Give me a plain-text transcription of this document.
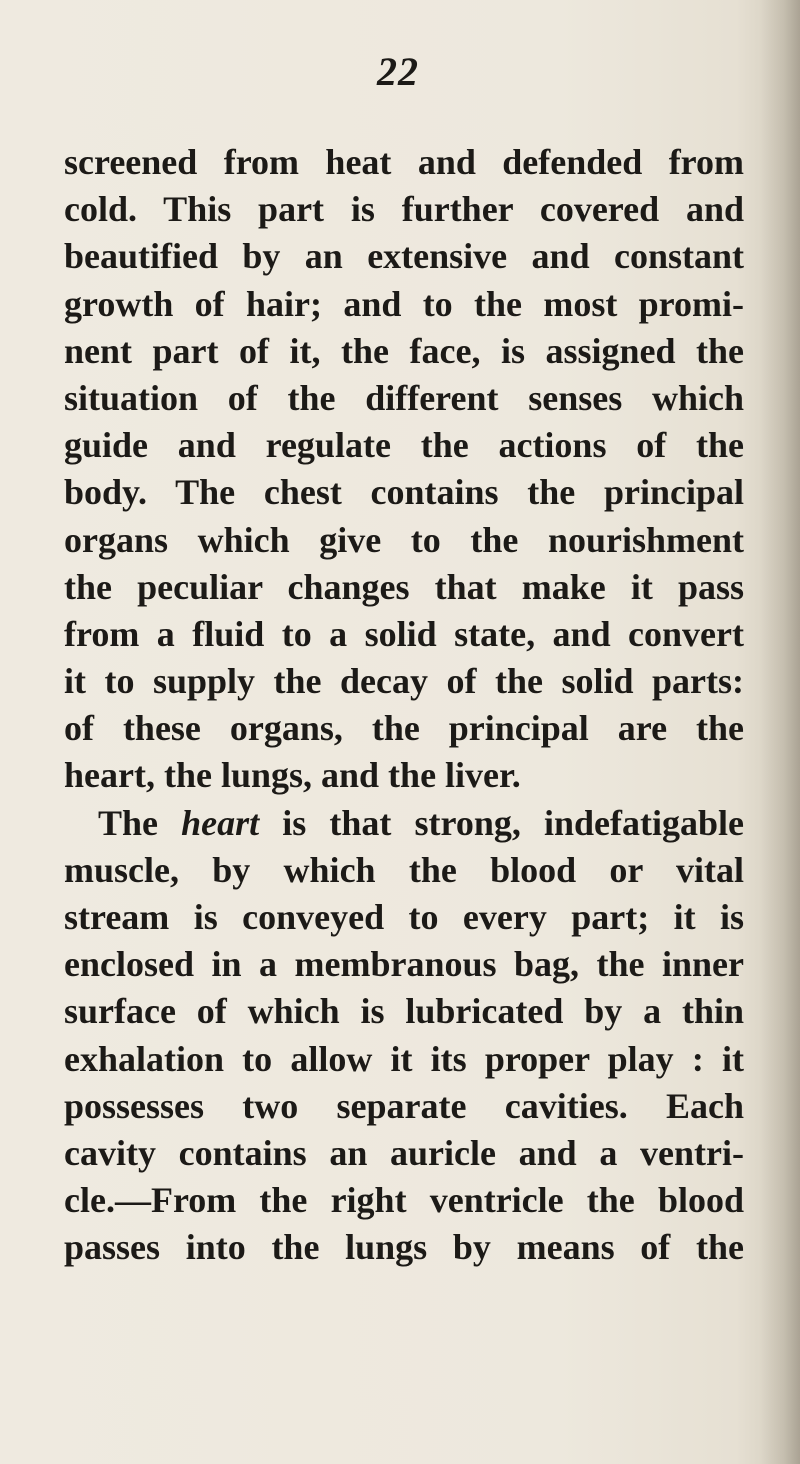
22
screened from heat and defended from
cold. This part is further covered and
beautified by an extensive and constant
growth of hair; and to the most promi-
nent part of it, the face, is assigned the
situation of the different senses which
guide and regulate the actions of the
body. The chest contains the principal
organs which give to the nourishment
the peculiar changes that make it pass
from a fluid to a solid state, and convert
it to supply the decay of the solid parts:
of these organs, the principal are the
heart, the lungs, and the liver.
The heart is that strong, indefatigable
muscle, by which the blood or vital
stream is conveyed to every part; it is
enclosed in a membranous bag, the inner
surface of which is lubricated by a thin
exhalation to allow it its proper play : it
possesses two separate cavities. Each
cavity contains an auricle and a ventri-
cle.—From the right ventricle the blood
passes into the lungs by means of the
